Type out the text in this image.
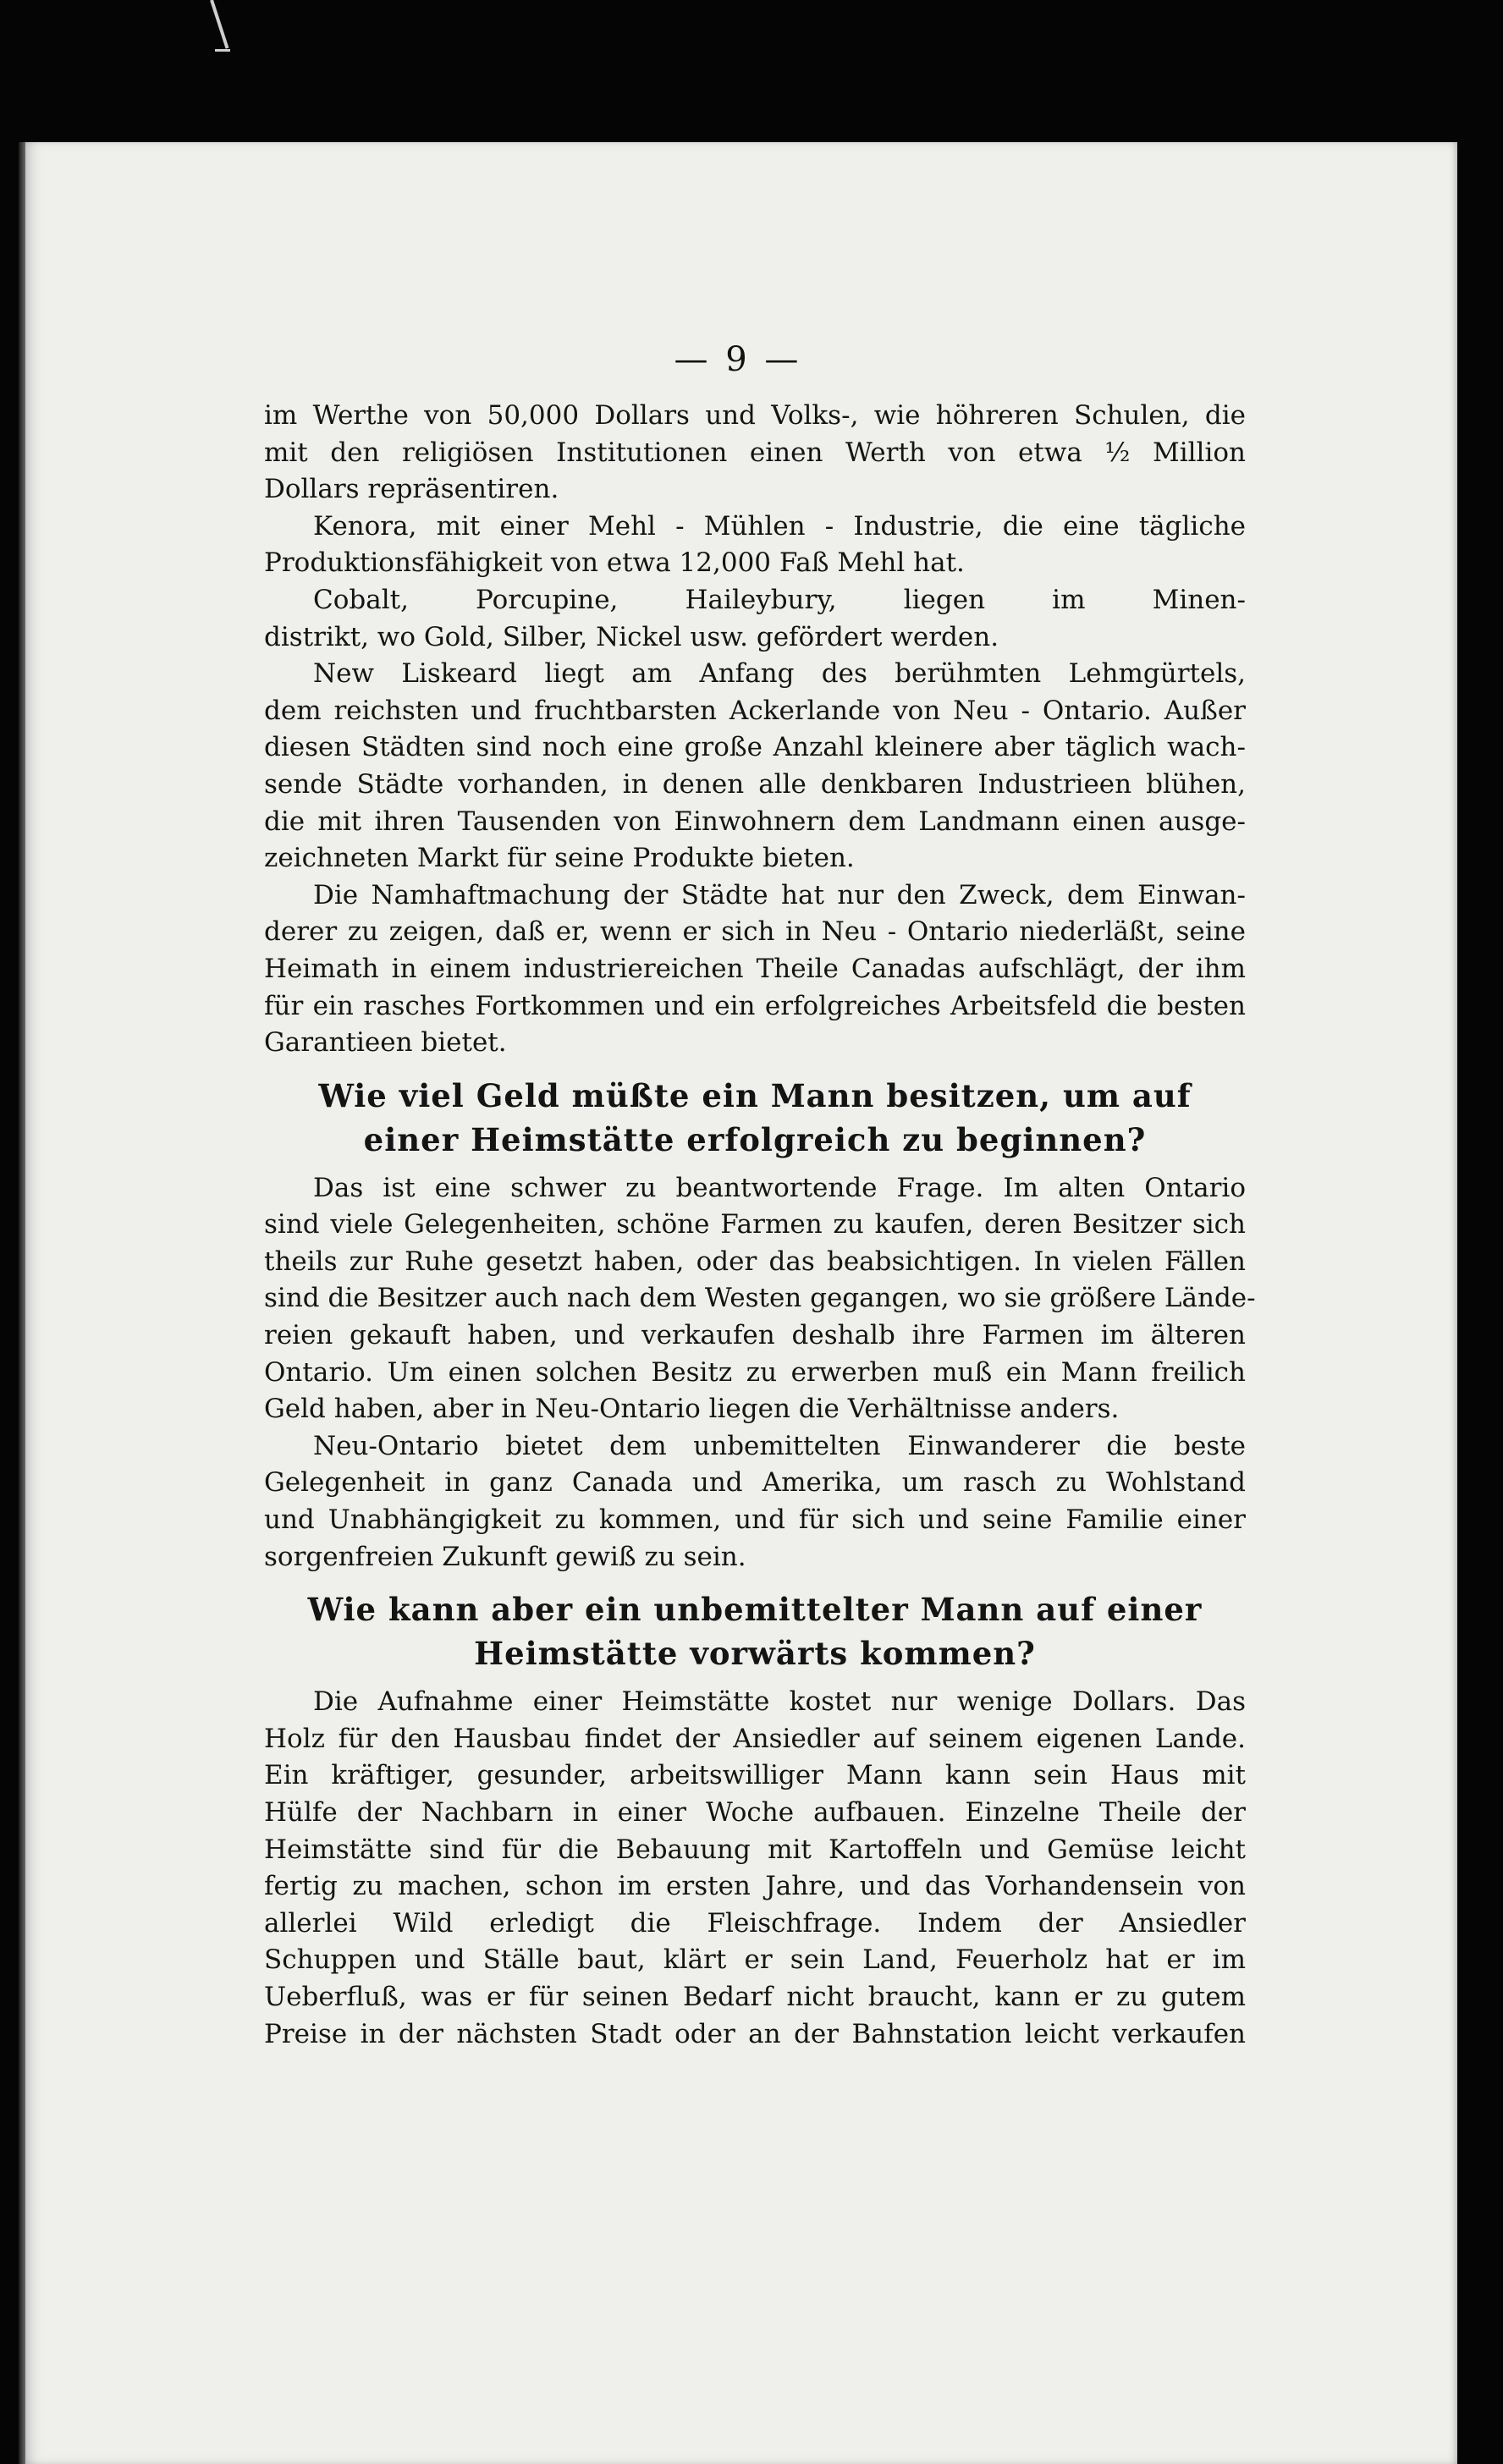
— 9 —
im Werthe von 50,000 Dollars und Volks-, wie höhreren Schulen, die
mit den religiösen Institutionen einen Werth von etwa ½ Million
Dollars repräsentiren.
Kenora, mit einer Mehl - Mühlen - Industrie, die eine tägliche
Produktionsfähigkeit von etwa 12,000 Faß Mehl hat.
Cobalt, Porcupine, Haileybury, liegen im Minen-
distrikt, wo Gold, Silber, Nickel usw. gefördert werden.
New Liskeard liegt am Anfang des berühmten Lehmgürtels,
dem reichsten und fruchtbarsten Ackerlande von Neu - Ontario. Außer
diesen Städten sind noch eine große Anzahl kleinere aber täglich wach-
sende Städte vorhanden, in denen alle denkbaren Industrieen blühen,
die mit ihren Tausenden von Einwohnern dem Landmann einen ausge-
zeichneten Markt für seine Produkte bieten.
Die Namhaftmachung der Städte hat nur den Zweck, dem Einwan-
derer zu zeigen, daß er, wenn er sich in Neu - Ontario niederläßt, seine
Heimath in einem industriereichen Theile Canadas aufschlägt, der ihm
für ein rasches Fortkommen und ein erfolgreiches Arbeitsfeld die besten
Garantieen bietet.
Wie viel Geld müßte ein Mann besitzen, um auf
einer Heimstätte erfolgreich zu beginnen?
Das ist eine schwer zu beantwortende Frage. Im alten Ontario
sind viele Gelegenheiten, schöne Farmen zu kaufen, deren Besitzer sich
theils zur Ruhe gesetzt haben, oder das beabsichtigen. In vielen Fällen
sind die Besitzer auch nach dem Westen gegangen, wo sie größere Lände-
reien gekauft haben, und verkaufen deshalb ihre Farmen im älteren
Ontario. Um einen solchen Besitz zu erwerben muß ein Mann freilich
Geld haben, aber in Neu-Ontario liegen die Verhältnisse anders.
Neu-Ontario bietet dem unbemittelten Einwanderer die beste
Gelegenheit in ganz Canada und Amerika, um rasch zu Wohlstand
und Unabhängigkeit zu kommen, und für sich und seine Familie einer
sorgenfreien Zukunft gewiß zu sein.
Wie kann aber ein unbemittelter Mann auf einer
Heimstätte vorwärts kommen?
Die Aufnahme einer Heimstätte kostet nur wenige Dollars. Das
Holz für den Hausbau findet der Ansiedler auf seinem eigenen Lande.
Ein kräftiger, gesunder, arbeitswilliger Mann kann sein Haus mit
Hülfe der Nachbarn in einer Woche aufbauen. Einzelne Theile der
Heimstätte sind für die Bebauung mit Kartoffeln und Gemüse leicht
fertig zu machen, schon im ersten Jahre, und das Vorhandensein von
allerlei Wild erledigt die Fleischfrage. Indem der Ansiedler
Schuppen und Ställe baut, klärt er sein Land, Feuerholz hat er im
Ueberfluß, was er für seinen Bedarf nicht braucht, kann er zu gutem
Preise in der nächsten Stadt oder an der Bahnstation leicht verkaufen
